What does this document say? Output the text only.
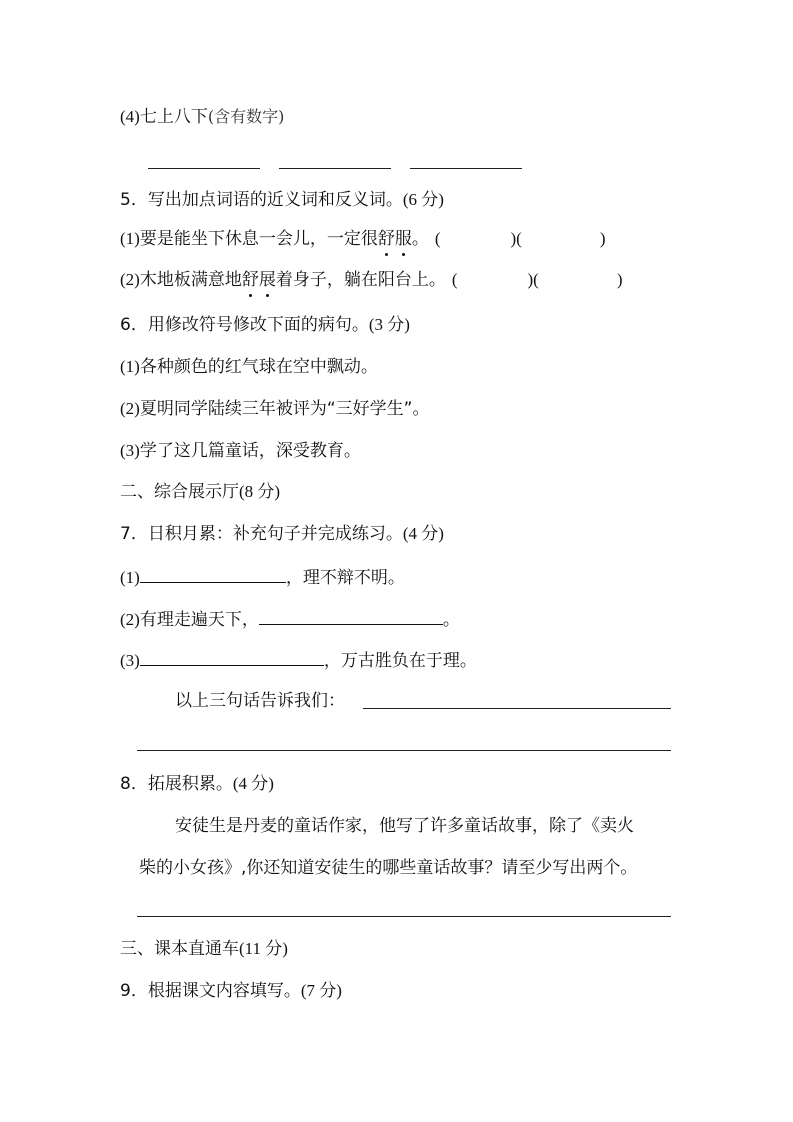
(4)七上八下(含有数字)
5．写出加点词语的近义词和反义词。(6 分)
(1)要是能坐下休息一会儿，一定很舒服。 (	)(	)
(2)木地板满意地舒展着身子，躺在阳台上。 (	)(	)
6．用修改符号修改下面的病句。(3 分)
(1)各种颜色的红气球在空中飘动。
(2)夏明同学陆续三年被评为“三好学生”。
(3)学了这几篇童话，深受教育。
二、综合展示厅(8 分)
7．日积月累：补充句子并完成练习。(4 分)
(1)	，理不辩不明。
(2)有理走遍天下，	。
(3)	，万古胜负在于理。
以上三句话告诉我们：
8．拓展积累。(4 分)
安徒生是丹麦的童话作家，他写了许多童话故事，除了《卖火
柴的小女孩》,你还知道安徒生的哪些童话故事？请至少写出两个。
三、课本直通车(11 分)
9．根据课文内容填写。(7 分)
